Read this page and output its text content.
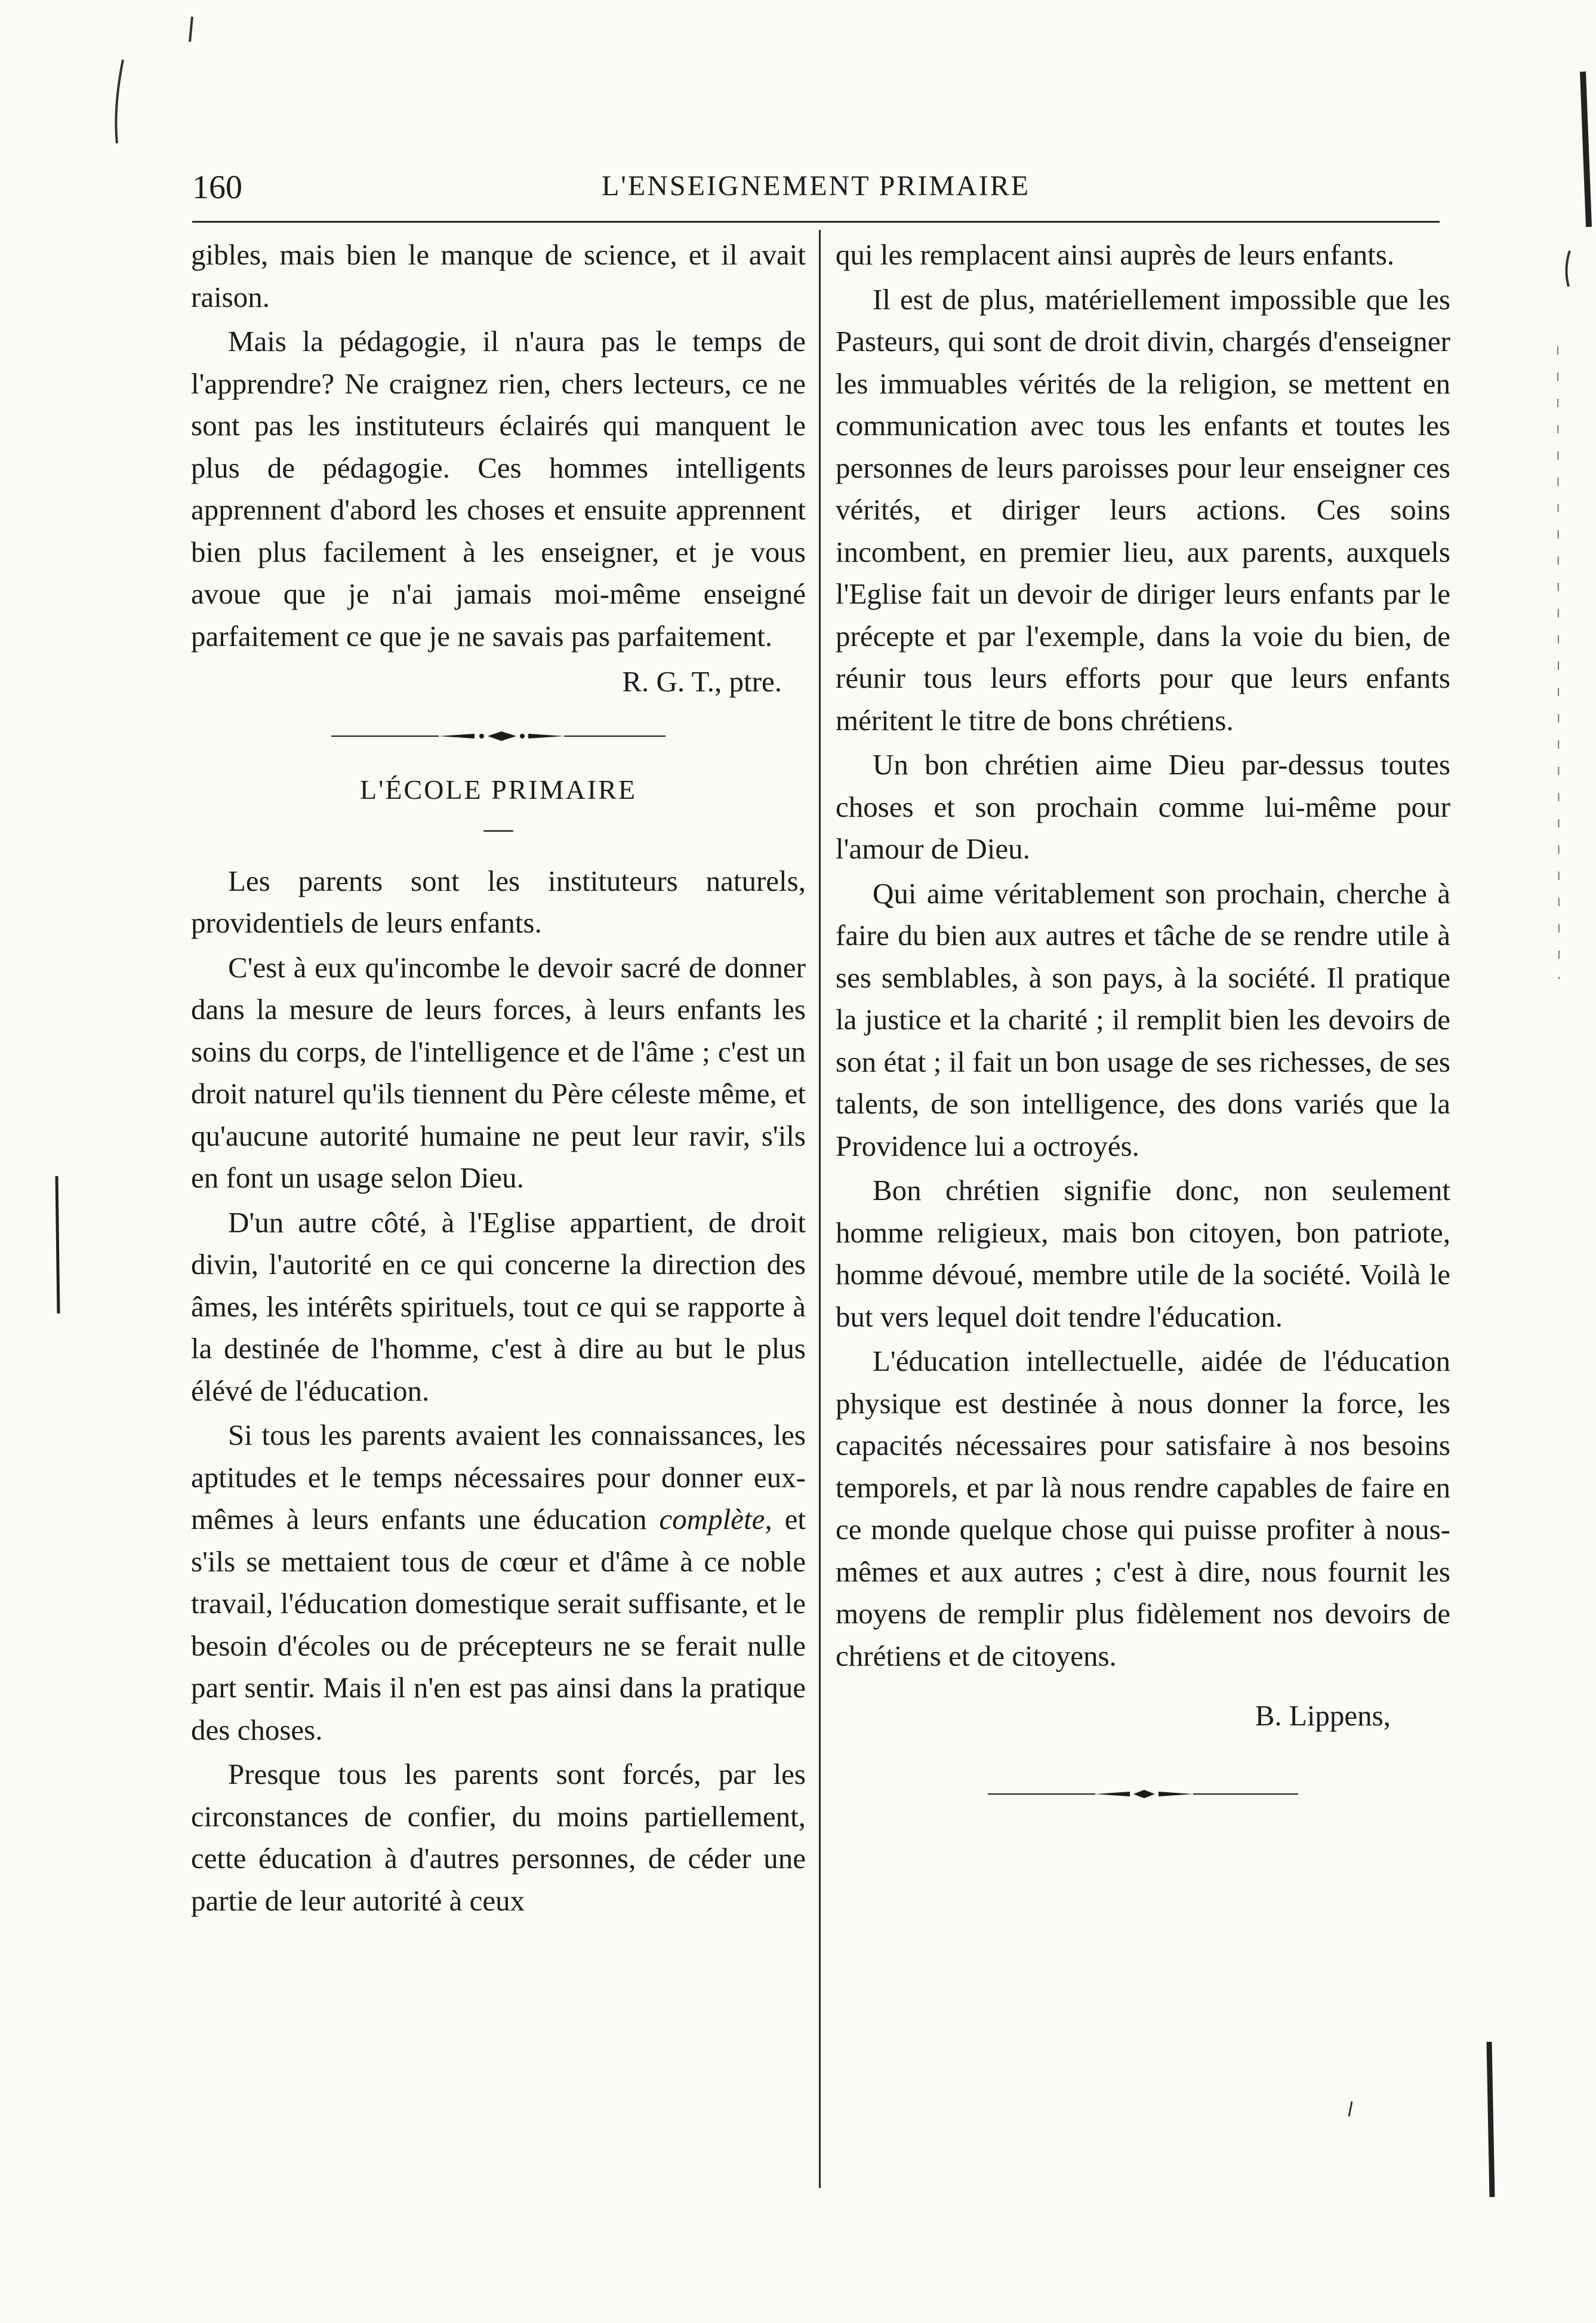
160	L'ENSEIGNEMENT PRIMAIRE

gibles, mais bien le manque de science, et il avait raison.

Mais la pédagogie, il n'aura pas le temps de l'apprendre? Ne craignez rien, chers lecteurs, ce ne sont pas les instituteurs éclairés qui manquent le plus de pédagogie. Ces hommes intelligents apprennent d'abord les choses et ensuite apprennent bien plus facilement à les enseigner, et je vous avoue que je n'ai jamais moi-même enseigné parfaitement ce que je ne savais pas parfaitement.

R. G. T., ptre.
L'ÉCOLE PRIMAIRE
—

Les parents sont les instituteurs naturels, providentiels de leurs enfants.

C'est à eux qu'incombe le devoir sacré de donner dans la mesure de leurs forces, à leurs enfants les soins du corps, de l'intelligence et de l'âme ; c'est un droit naturel qu'ils tiennent du Père céleste même, et qu'aucune autorité humaine ne peut leur ravir, s'ils en font un usage selon Dieu.

D'un autre côté, à l'Eglise appartient, de droit divin, l'autorité en ce qui concerne la direction des âmes, les intérêts spirituels, tout ce qui se rapporte à la destinée de l'homme, c'est à dire au but le plus élévé de l'éducation.

Si tous les parents avaient les connaissances, les aptitudes et le temps nécessaires pour donner eux-mêmes à leurs enfants une éducation complète, et s'ils se mettaient tous de cœur et d'âme à ce noble travail, l'éducation domestique serait suffisante, et le besoin d'écoles ou de précepteurs ne se ferait nulle part sentir. Mais il n'en est pas ainsi dans la pratique des choses.

Presque tous les parents sont forcés, par les circonstances de confier, du moins partiellement, cette éducation à d'autres personnes, de céder une partie de leur autorité à ceux

qui les remplacent ainsi auprès de leurs enfants.

Il est de plus, matériellement impossible que les Pasteurs, qui sont de droit divin, chargés d'enseigner les immuables vérités de la religion, se mettent en communication avec tous les enfants et toutes les personnes de leurs paroisses pour leur enseigner ces vérités, et diriger leurs actions. Ces soins incombent, en premier lieu, aux parents, auxquels l'Eglise fait un devoir de diriger leurs enfants par le précepte et par l'exemple, dans la voie du bien, de réunir tous leurs efforts pour que leurs enfants méritent le titre de bons chrétiens.

Un bon chrétien aime Dieu par-dessus toutes choses et son prochain comme lui-même pour l'amour de Dieu.

Qui aime véritablement son prochain, cherche à faire du bien aux autres et tâche de se rendre utile à ses semblables, à son pays, à la société. Il pratique la justice et la charité ; il remplit bien les devoirs de son état ; il fait un bon usage de ses richesses, de ses talents, de son intelligence, des dons variés que la Providence lui a octroyés.

Bon chrétien signifie donc, non seulement homme religieux, mais bon citoyen, bon patriote, homme dévoué, membre utile de la société. Voilà le but vers lequel doit tendre l'éducation.

L'éducation intellectuelle, aidée de l'éducation physique est destinée à nous donner la force, les capacités nécessaires pour satisfaire à nos besoins temporels, et par là nous rendre capables de faire en ce monde quelque chose qui puisse profiter à nous-mêmes et aux autres ; c'est à dire, nous fournit les moyens de remplir plus fidèlement nos devoirs de chrétiens et de citoyens.

B. Lippens,
